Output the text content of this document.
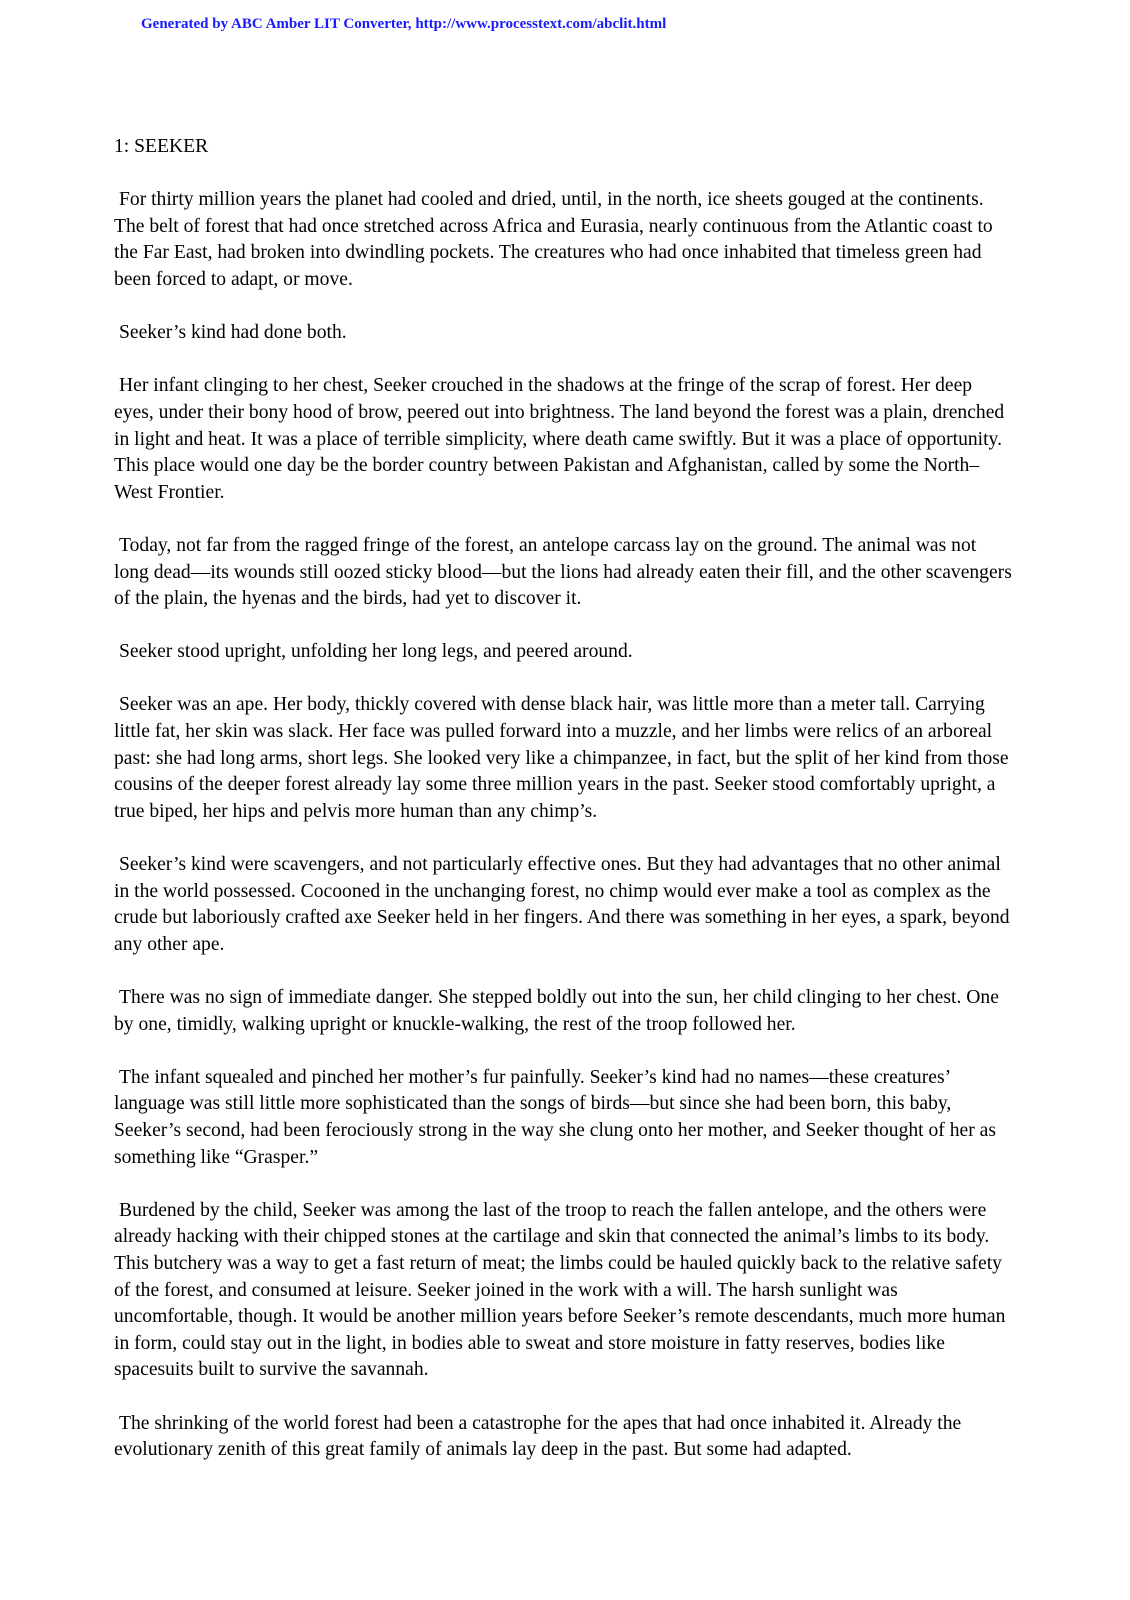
Generated by ABC Amber LIT Converter, http://www.processtext.com/abclit.html
1: SEEKER

For thirty million years the planet had cooled and dried, until, in the north, ice sheets gouged at the continents. The belt of forest that had once stretched across Africa and Eurasia, nearly continuous from the Atlantic coast to the Far East, had broken into dwindling pockets. The creatures who had once inhabited that timeless green had been forced to adapt, or move.

Seeker’s kind had done both.

Her infant clinging to her chest, Seeker crouched in the shadows at the fringe of the scrap of forest. Her deep eyes, under their bony hood of brow, peered out into brightness. The land beyond the forest was a plain, drenched in light and heat. It was a place of terrible simplicity, where death came swiftly. But it was a place of opportunity. This place would one day be the border country between Pakistan and Afghanistan, called by some the North–West Frontier.

Today, not far from the ragged fringe of the forest, an antelope carcass lay on the ground. The animal was not long dead—its wounds still oozed sticky blood—but the lions had already eaten their fill, and the other scavengers of the plain, the hyenas and the birds, had yet to discover it.

Seeker stood upright, unfolding her long legs, and peered around.

Seeker was an ape. Her body, thickly covered with dense black hair, was little more than a meter tall. Carrying little fat, her skin was slack. Her face was pulled forward into a muzzle, and her limbs were relics of an arboreal past: she had long arms, short legs. She looked very like a chimpanzee, in fact, but the split of her kind from those cousins of the deeper forest already lay some three million years in the past. Seeker stood comfortably upright, a true biped, her hips and pelvis more human than any chimp’s.

Seeker’s kind were scavengers, and not particularly effective ones. But they had advantages that no other animal in the world possessed. Cocooned in the unchanging forest, no chimp would ever make a tool as complex as the crude but laboriously crafted axe Seeker held in her fingers. And there was something in her eyes, a spark, beyond any other ape.

There was no sign of immediate danger. She stepped boldly out into the sun, her child clinging to her chest. One by one, timidly, walking upright or knuckle-walking, the rest of the troop followed her.

The infant squealed and pinched her mother’s fur painfully. Seeker’s kind had no names—these creatures’ language was still little more sophisticated than the songs of birds—but since she had been born, this baby, Seeker’s second, had been ferociously strong in the way she clung onto her mother, and Seeker thought of her as something like “Grasper.”

Burdened by the child, Seeker was among the last of the troop to reach the fallen antelope, and the others were already hacking with their chipped stones at the cartilage and skin that connected the animal’s limbs to its body. This butchery was a way to get a fast return of meat; the limbs could be hauled quickly back to the relative safety of the forest, and consumed at leisure. Seeker joined in the work with a will. The harsh sunlight was uncomfortable, though. It would be another million years before Seeker’s remote descendants, much more human in form, could stay out in the light, in bodies able to sweat and store moisture in fatty reserves, bodies like spacesuits built to survive the savannah.

The shrinking of the world forest had been a catastrophe for the apes that had once inhabited it. Already the evolutionary zenith of this great family of animals lay deep in the past. But some had adapted.
